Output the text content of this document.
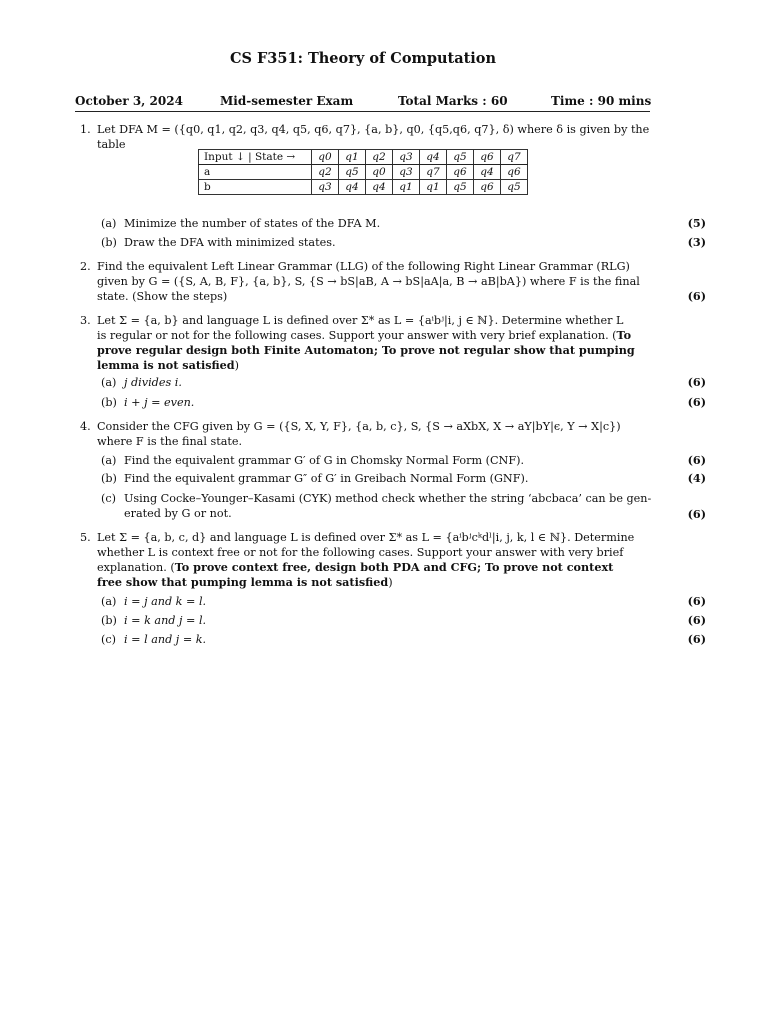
CS F351: Theory of Computation
October 3, 2024	Mid-semester Exam	Total Marks : 60	Time : 90 mins
1. Let DFA M = ({q0, q1, q2, q3, q4, q5, q6, q7}, {a, b}, q0, {q5,q6, q7}, δ) where δ is given by the table
Input ↓ | State →	q0	q1	q2	q3	q4	q5	q6	q7
a	q2	q5	q0	q3	q7	q6	q4	q6
b	q3	q4	q4	q1	q1	q5	q6	q5
(a) Minimize the number of states of the DFA M.	(5)
(b) Draw the DFA with minimized states.	(3)
2. Find the equivalent Left Linear Grammar (LLG) of the following Right Linear Grammar (RLG)
given by G = ({S, A, B, F}, {a, b}, S, {S → bS|aB, A → bS|aA|a, B → aB|bA}) where F is the final
state. (Show the steps)	(6)
3. Let Σ = {a, b} and language L is defined over Σ* as L = {aⁱbʲ|i, j ∈ ℕ}. Determine whether L
is regular or not for the following cases. Support your answer with very brief explanation. (To
prove regular design both Finite Automaton; To prove not regular show that pumping
lemma is not satisfied)
(a) j divides i.	(6)
(b) i + j = even.	(6)
4. Consider the CFG given by G = ({S, X, Y, F}, {a, b, c}, S, {S → aXbX, X → aY|bY|ϵ, Y → X|c})
where F is the final state.
(a) Find the equivalent grammar G′ of G in Chomsky Normal Form (CNF).	(6)
(b) Find the equivalent grammar G″ of G′ in Greibach Normal Form (GNF).	(4)
(c) Using Cocke–Younger–Kasami (CYK) method check whether the string ‘abcbaca’ can be gen-
erated by G or not.	(6)
5. Let Σ = {a, b, c, d} and language L is defined over Σ* as L = {aⁱbʲcᵏdˡ|i, j, k, l ∈ ℕ}. Determine
whether L is context free or not for the following cases. Support your answer with very brief
explanation. (To prove context free, design both PDA and CFG; To prove not context
free show that pumping lemma is not satisfied)
(a) i = j and k = l.	(6)
(b) i = k and j = l.	(6)
(c) i = l and j = k.	(6)
